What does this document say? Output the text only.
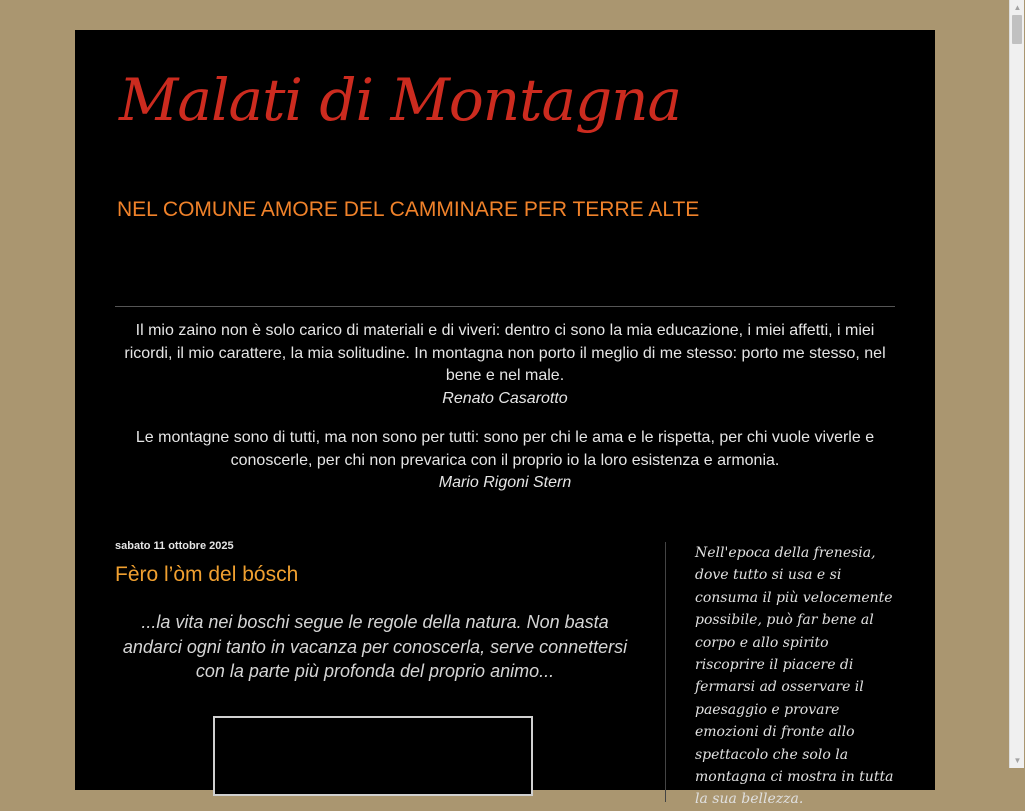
Malati di Montagna

NEL COMUNE AMORE DEL CAMMINARE PER TERRE ALTE

Il mio zaino non è solo carico di materiali e di viveri: dentro ci sono la mia educazione, i miei affetti, i miei ricordi, il mio carattere, la mia solitudine. In montagna non porto il meglio di me stesso: porto me stesso, nel bene e nel male.
Renato Casarotto

Le montagne sono di tutti, ma non sono per tutti: sono per chi le ama e le rispetta, per chi vuole viverle e conoscerle, per chi non prevarica con il proprio io la loro esistenza e armonia.
Mario Rigoni Stern

sabato 11 ottobre 2025
Fèro l’òm del bósch

...la vita nei boschi segue le regole della natura. Non basta andarci ogni tanto in vacanza per conoscerla, serve connettersi con la parte più profonda del proprio animo...

Nell'epoca della frenesia, dove tutto si usa e si consuma il più velocemente possibile, può far bene al corpo e allo spirito riscoprire il piacere di fermarsi ad osservare il paesaggio e provare emozioni di fronte allo spettacolo che solo la montagna ci mostra in tutta la sua bellezza.

▲
▼
